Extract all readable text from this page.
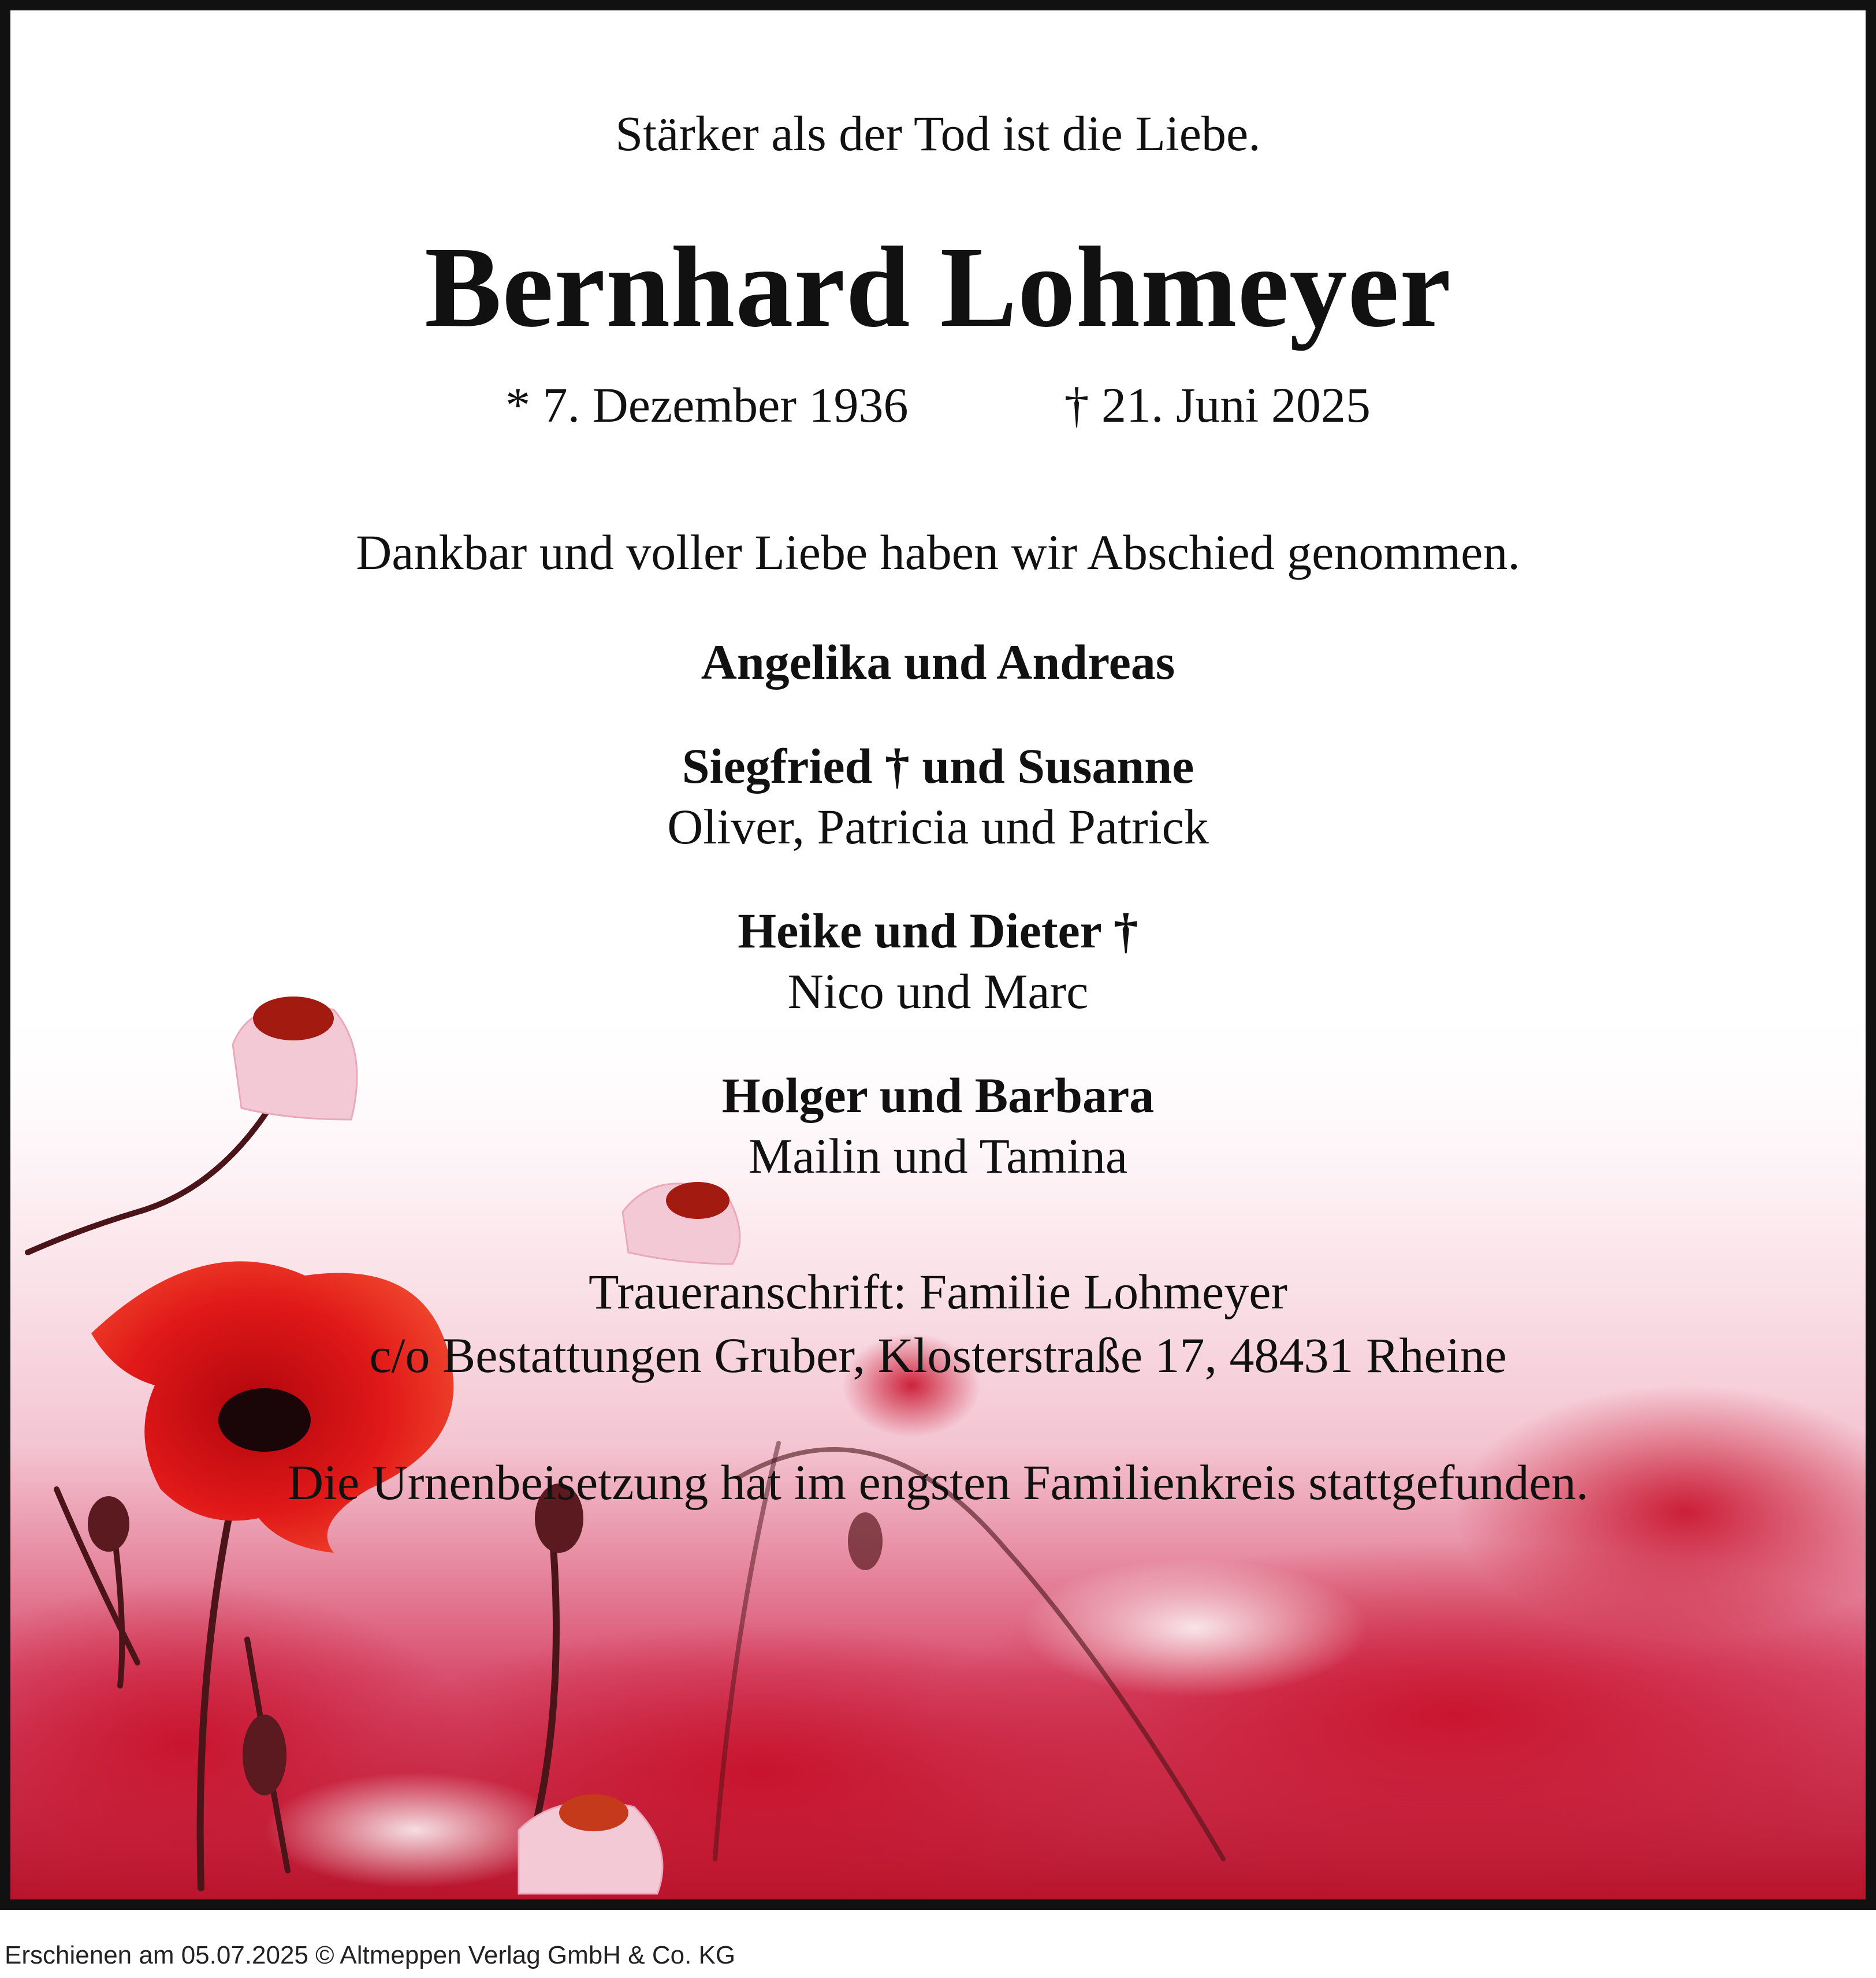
Stärker als der Tod ist die Liebe.
Bernhard Lohmeyer
* 7. Dezember 1936	† 21. Juni 2025
Dankbar und voller Liebe haben wir Abschied genommen.
Angelika und Andreas
Siegfried † und Susanne
Oliver, Patricia und Patrick
Heike und Dieter †
Nico und Marc
Holger und Barbara
Mailin und Tamina
Traueranschrift: Familie Lohmeyer
c/o Bestattungen Gruber, Klosterstraße 17, 48431 Rheine
Die Urnenbeisetzung hat im engsten Familienkreis stattgefunden.
Erschienen am 05.07.2025 © Altmeppen Verlag GmbH & Co. KG
